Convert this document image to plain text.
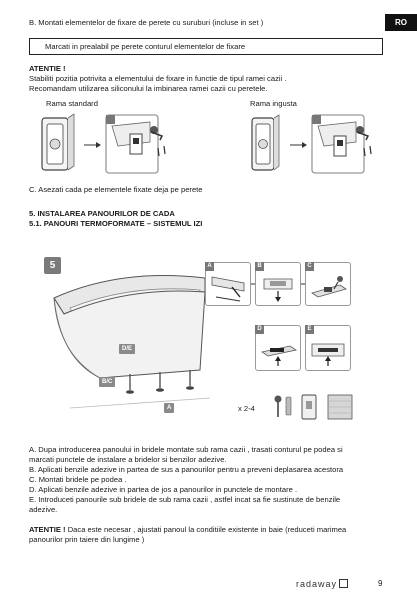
RO
B. Montati elementelor de fixare de perete cu suruburi (incluse in set )
Marcati in prealabil pe perete conturul elementelor de fixare
ATENTIE !
Stabiliti pozitia potrivita a elementului de fixare in functie de tipul ramei cazii .
Recomandam utilizarea siliconului la imbinarea ramei cazii cu peretele.
Rama standard	Rama ingusta
C. Asezati cada pe elementele fixate deja pe perete
5. INSTALAREA PANOURILOR DE CADA
5.1. PANOURI TERMOFORMATE – SISTEMUL IZI
5
D/E
B/C
A
A	B	C
D	E
x 2-4
A. Dupa introducerea panoului in bridele montate sub rama cazii , trasati conturul pe podea si
marcati punctele de instalare a bridelor si benzilor adezive.
B. Aplicati benzile adezive in partea de sus a panourilor pentru a preveni deplasarea acestora
C. Montati bridele pe podea .
D. Aplicati benzile adezive in partea de jos a panourilor in punctele de montare .
E. Introduceti panourile sub bridele de sub rama cazii , astfel incat sa fie sustinute de benzile
adezive.
ATENTIE ! Daca este necesar , ajustati panoul la conditiile existente in baie (reduceti marimea
panourilor prin taiere din lungime )
radaway	9
